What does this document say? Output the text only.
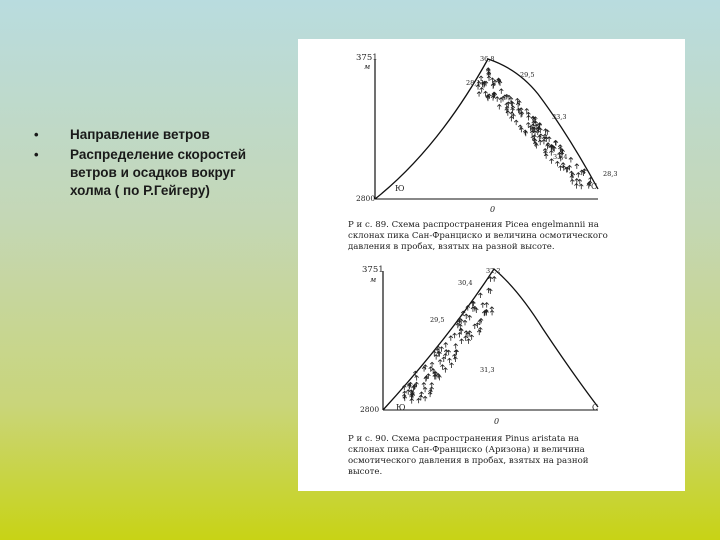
• Направление ветров
• Распределение скоростей ветров и осадков вокруг холма ( по Р.Гейгеру)
3751
м
2800
36,8
29,5
28,11
33,3
33,4
28,3
Ю	С
0
Р и с. 89. Схема распространения Picea engelmannii на
склонах пика Сан-Франциско и величина осмотического
давления в пробах, взятых на разной высоте.
3751
м
2800
32,2
30,4
29,5
31,3
Ю	С
0
Р и с. 90. Схема распространения Pinus aristata на
склонах пика Сан-Франциско (Аризона) и величина
осмотического давления в пробах, взятых на разной
высоте.
